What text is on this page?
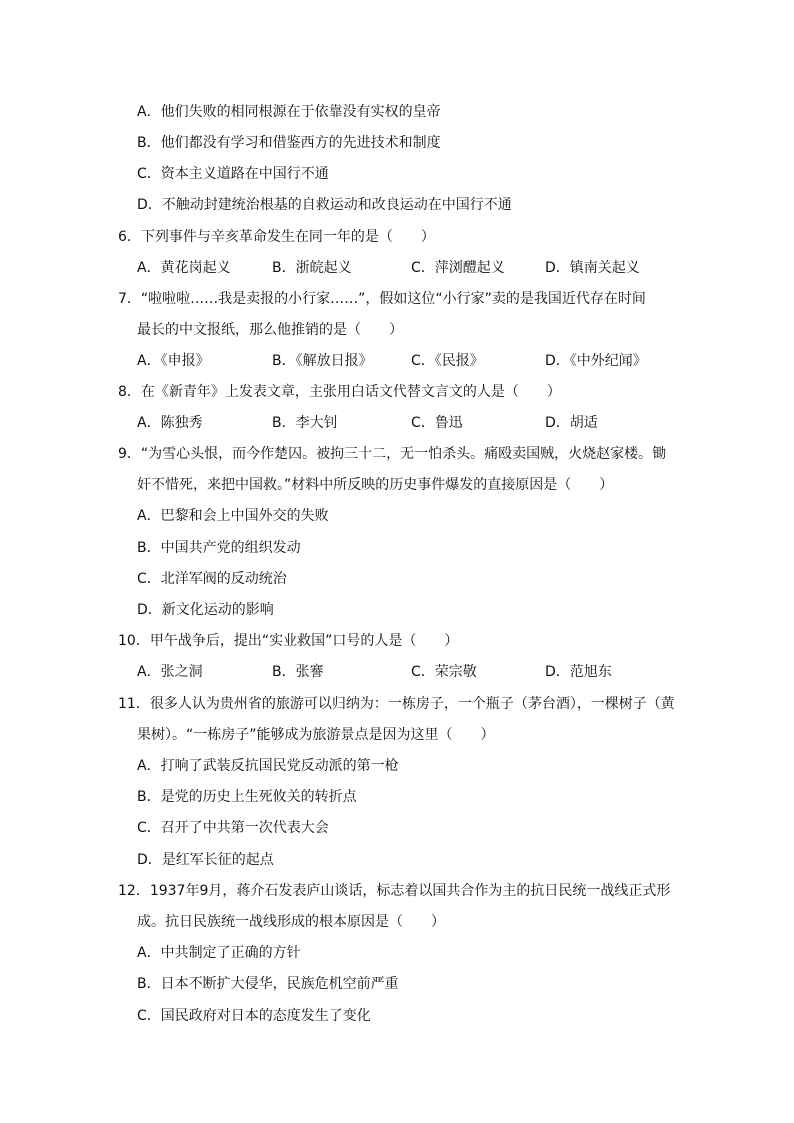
A．他们失败的相同根源在于依靠没有实权的皇帝
B．他们都没有学习和借鉴西方的先进技术和制度
C．资本主义道路在中国行不通
D．不触动封建统治根基的自救运动和改良运动在中国行不通
6．下列事件与辛亥革命发生在同一年的是（　　）
A．黄花岗起义	B．浙皖起义	C．萍浏醴起义	D．镇南关起义
7．“啦啦啦……我是卖报的小行家……”，假如这位“小行家”卖的是我国近代存在时间
最长的中文报纸，那么他推销的是（　　）
A．《申报》	B．《解放日报》	C．《民报》	D．《中外纪闻》
8．在《新青年》上发表文章，主张用白话文代替文言文的人是（　　）
A．陈独秀	B．李大钊	C．鲁迅	D．胡适
9．“为雪心头恨，而今作楚囚。被拘三十二，无一怕杀头。痛殴卖国贼，火烧赵家楼。锄
奸不惜死，来把中国救。”材料中所反映的历史事件爆发的直接原因是（　　）
A．巴黎和会上中国外交的失败
B．中国共产党的组织发动
C．北洋军阀的反动统治
D．新文化运动的影响
10．甲午战争后，提出“实业救国”口号的人是（　　）
A．张之洞	B．张謇	C．荣宗敬	D．范旭东
11．很多人认为贵州省的旅游可以归纳为：一栋房子，一个瓶子（茅台酒），一棵树子（黄
果树）。“一栋房子”能够成为旅游景点是因为这里（　　）
A．打响了武装反抗国民党反动派的第一枪
B．是党的历史上生死攸关的转折点
C．召开了中共第一次代表大会
D．是红军长征的起点
12．1937年9月，蒋介石发表庐山谈话，标志着以国共合作为主的抗日民统一战线正式形
成。抗日民族统一战线形成的根本原因是（　　）
A．中共制定了正确的方针
B．日本不断扩大侵华，民族危机空前严重
C．国民政府对日本的态度发生了变化
